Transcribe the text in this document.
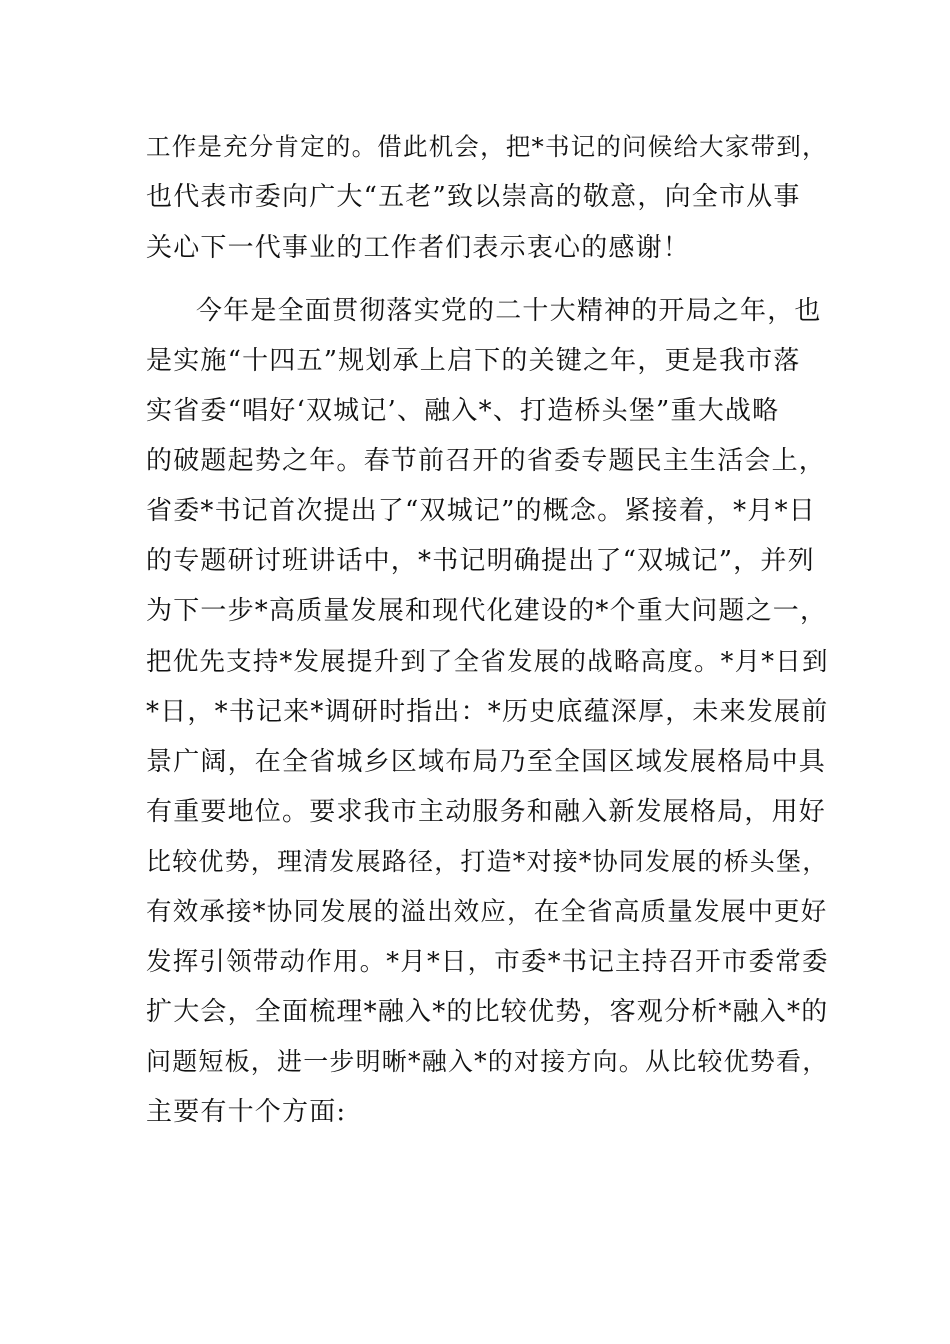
工作是充分肯定的。借此机会，把*书记的问候给大家带到，
也代表市委向广大“五老”致以崇高的敬意，向全市从事
关心下一代事业的工作者们表示衷心的感谢！
今年是全面贯彻落实党的二十大精神的开局之年，也
是实施“十四五”规划承上启下的关键之年，更是我市落
实省委“唱好‘双城记’、融入*、打造桥头堡”重大战略
的破题起势之年。春节前召开的省委专题民主生活会上，
省委*书记首次提出了“双城记”的概念。紧接着，*月*日
的专题研讨班讲话中，*书记明确提出了“双城记”，并列
为下一步*高质量发展和现代化建设的*个重大问题之一，
把优先支持*发展提升到了全省发展的战略高度。*月*日到
*日，*书记来*调研时指出：*历史底蕴深厚，未来发展前
景广阔，在全省城乡区域布局乃至全国区域发展格局中具
有重要地位。要求我市主动服务和融入新发展格局，用好
比较优势，理清发展路径，打造*对接*协同发展的桥头堡，
有效承接*协同发展的溢出效应，在全省高质量发展中更好
发挥引领带动作用。*月*日，市委*书记主持召开市委常委
扩大会，全面梳理*融入*的比较优势，客观分析*融入*的
问题短板，进一步明晰*融入*的对接方向。从比较优势看，
主要有十个方面:
